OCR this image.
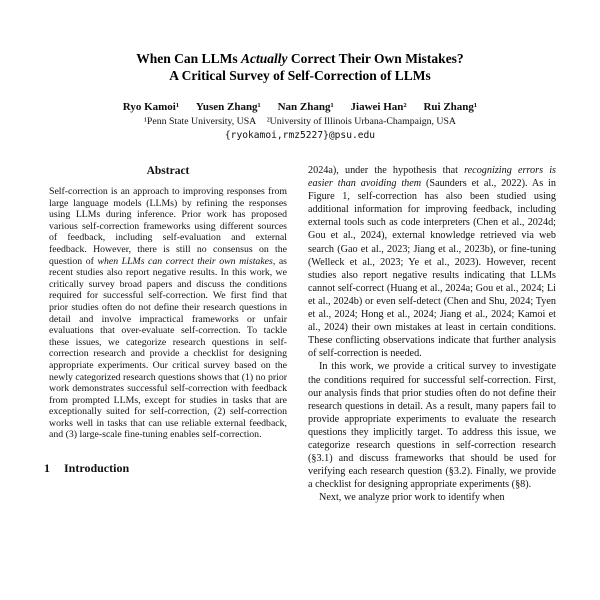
When Can LLMs Actually Correct Their Own Mistakes?
A Critical Survey of Self-Correction of LLMs
Ryo Kamoi¹ Yusen Zhang¹ Nan Zhang¹ Jiawei Han² Rui Zhang¹
¹Penn State University, USA ²University of Illinois Urbana-Champaign, USA
{ryokamoi,rmz5227}@psu.edu
Abstract

Self-correction is an approach to improving responses from large language models (LLMs) by refining the responses using LLMs during inference. Prior work has proposed various self-correction frameworks using different sources of feedback, including self-evaluation and external feedback. However, there is still no consensus on the question of when LLMs can correct their own mistakes, as recent studies also report negative results. In this work, we critically survey broad papers and discuss the conditions required for successful self-correction. We first find that prior studies often do not define their research questions in detail and involve impractical frameworks or unfair evaluations that over-evaluate self-correction. To tackle these issues, we categorize research questions in self-correction research and provide a checklist for designing appropriate experiments. Our critical survey based on the newly categorized research questions shows that (1) no prior work demonstrates successful self-correction with feedback from prompted LLMs, except for studies in tasks that are exceptionally suited for self-correction, (2) self-correction works well in tasks that can use reliable external feedback, and (3) large-scale fine-tuning enables self-correction.

1 Introduction

2024a), under the hypothesis that recognizing errors is easier than avoiding them (Saunders et al., 2022). As in Figure 1, self-correction has also been studied using additional information for improving feedback, including external tools such as code interpreters (Chen et al., 2024d; Gou et al., 2024), external knowledge retrieved via web search (Gao et al., 2023; Jiang et al., 2023b), or fine-tuning (Welleck et al., 2023; Ye et al., 2023). However, recent studies also report negative results indicating that LLMs cannot self-correct (Huang et al., 2024a; Gou et al., 2024; Li et al., 2024b) or even self-detect (Chen and Shu, 2024; Tyen et al., 2024; Hong et al., 2024; Jiang et al., 2024; Kamoi et al., 2024) their own mistakes at least in certain conditions. These conflicting observations indicate that further analysis of self-correction is needed.

In this work, we provide a critical survey to investigate the conditions required for successful self-correction. First, our analysis finds that prior studies often do not define their research questions in detail. As a result, many papers fail to provide appropriate experiments to evaluate the research questions they implicitly target. To address this issue, we categorize research questions in self-correction research (§3.1) and discuss frameworks that should be used for verifying each research question (§3.2). Finally, we provide a checklist for designing appropriate experiments (§8).

Next, we analyze prior work to identify when
